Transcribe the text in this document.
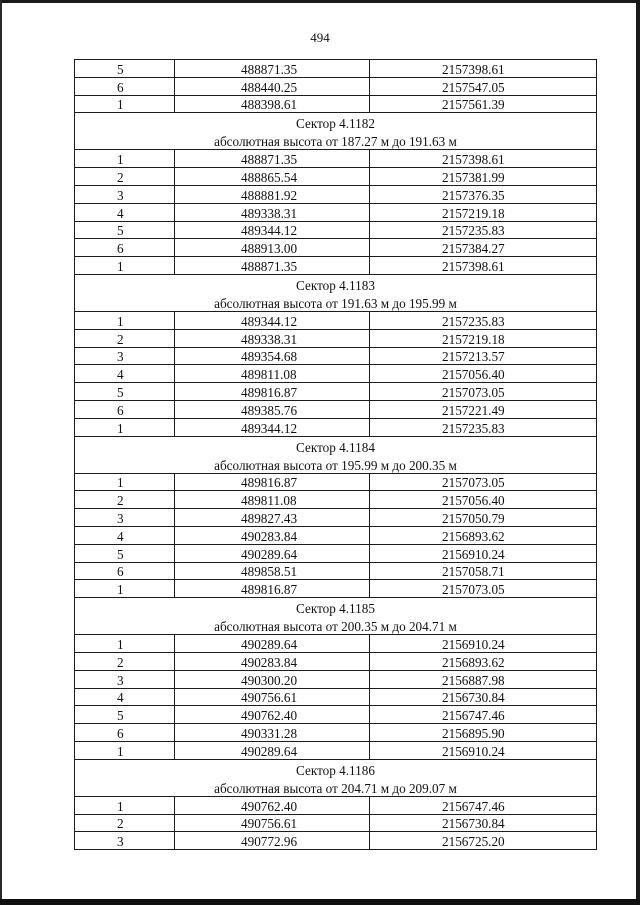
494
5	488871.35	2157398.61
6	488440.25	2157547.05
1	488398.61	2157561.39
Сектор 4.1182		
абсолютная высота от 187.27 м до 191.63 м		
1	488871.35	2157398.61
2	488865.54	2157381.99
3	488881.92	2157376.35
4	489338.31	2157219.18
5	489344.12	2157235.83
6	488913.00	2157384.27
1	488871.35	2157398.61
Сектор 4.1183		
абсолютная высота от 191.63 м до 195.99 м		
1	489344.12	2157235.83
2	489338.31	2157219.18
3	489354.68	2157213.57
4	489811.08	2157056.40
5	489816.87	2157073.05
6	489385.76	2157221.49
1	489344.12	2157235.83
Сектор 4.1184		
абсолютная высота от 195.99 м до 200.35 м		
1	489816.87	2157073.05
2	489811.08	2157056.40
3	489827.43	2157050.79
4	490283.84	2156893.62
5	490289.64	2156910.24
6	489858.51	2157058.71
1	489816.87	2157073.05
Сектор 4.1185		
абсолютная высота от 200.35 м до 204.71 м		
1	490289.64	2156910.24
2	490283.84	2156893.62
3	490300.20	2156887.98
4	490756.61	2156730.84
5	490762.40	2156747.46
6	490331.28	2156895.90
1	490289.64	2156910.24
Сектор 4.1186		
абсолютная высота от 204.71 м до 209.07 м		
1	490762.40	2156747.46
2	490756.61	2156730.84
3	490772.96	2156725.20
